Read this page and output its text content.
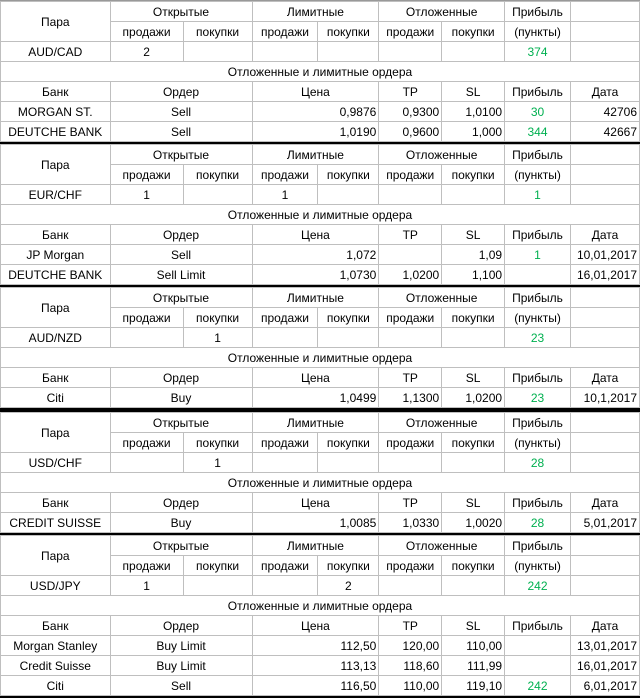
Пара	Открытые		Лимитные		Отложенные		Прибыль	
	продажи	покупки	продажи	покупки	продажи	покупки	(пункты)	
AUD/CAD	2						374	
Отложенные и лимитные ордера								
Банк	Ордер		Цена		TP	SL	Прибыль	Дата
MORGAN ST.	Sell		0,9876		0,9300	1,0100	30	42706
DEUTCHE BANK	Sell		1,0190		0,9600	1,000	344	42667
Пара	Открытые		Лимитные		Отложенные		Прибыль	
	продажи	покупки	продажи	покупки	продажи	покупки	(пункты)	
EUR/CHF	1		1				1	
Отложенные и лимитные ордера								
Банк	Ордер		Цена		TP	SL	Прибыль	Дата
JP Morgan	Sell		1,072			1,09	1	10,01,2017
DEUTCHE BANK	Sell Limit		1,0730		1,0200	1,100		16,01,2017
Пара	Открытые		Лимитные		Отложенные		Прибыль	
	продажи	покупки	продажи	покупки	продажи	покупки	(пункты)	
AUD/NZD		1					23	
Отложенные и лимитные ордера								
Банк	Ордер		Цена		TP	SL	Прибыль	Дата
Citi	Buy		1,0499		1,1300	1,0200	23	10,1,2017
Пара	Открытые		Лимитные		Отложенные		Прибыль	
	продажи	покупки	продажи	покупки	продажи	покупки	(пункты)	
USD/CHF		1					28	
Отложенные и лимитные ордера								
Банк	Ордер		Цена		TP	SL	Прибыль	Дата
CREDIT SUISSE	Buy		1,0085		1,0330	1,0020	28	5,01,2017
Пара	Открытые		Лимитные		Отложенные		Прибыль	
	продажи	покупки	продажи	покупки	продажи	покупки	(пункты)	
USD/JPY	1			2			242	
Отложенные и лимитные ордера								
Банк	Ордер		Цена		TP	SL	Прибыль	Дата
Morgan Stanley	Buy Limit		112,50		120,00	110,00		13,01,2017
Credit Suisse	Buy Limit		113,13		118,60	111,99		16,01,2017
Citi	Sell		116,50		110,00	119,10	242	6,01,2017
